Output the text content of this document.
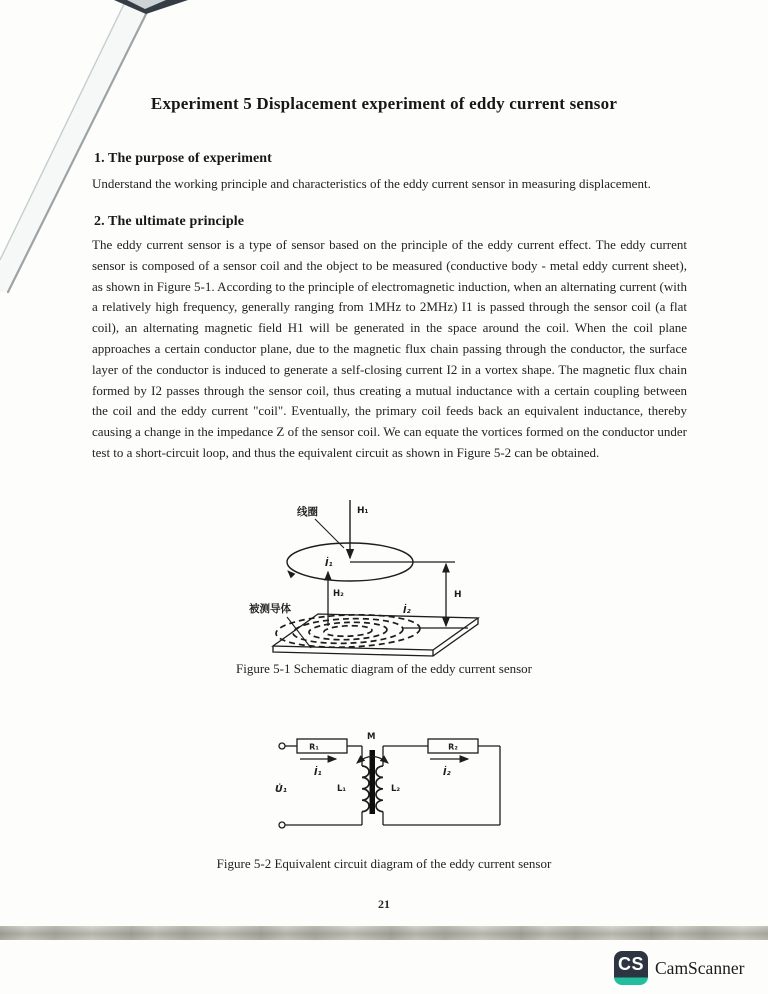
Experiment 5 Displacement experiment of eddy current sensor
1. The purpose of experiment
Understand the working principle and characteristics of the eddy current sensor in measuring displacement.
2. The ultimate principle
The eddy current sensor is a type of sensor based on the principle of the eddy current effect. The eddy current sensor is composed of a sensor coil and the object to be measured (conductive body - metal eddy current sheet), as shown in Figure 5-1. According to the principle of electromagnetic induction, when an alternating current (with a relatively high frequency, generally ranging from 1MHz to 2MHz) I1 is passed through the sensor coil (a flat coil), an alternating magnetic field H1 will be generated in the space around the coil. When the coil plane approaches a certain conductor plane, due to the magnetic flux chain passing through the conductor, the surface layer of the conductor is induced to generate a self-closing current I2 in a vortex shape. The magnetic flux chain formed by I2 passes through the sensor coil, thus creating a mutual inductance with a certain coupling between the coil and the eddy current "coil". Eventually, the primary coil feeds back an equivalent inductance, thereby causing a change in the impedance Z of the sensor coil. We can equate the vortices formed on the conductor under test to a short-circuit loop, and thus the equivalent circuit as shown in Figure 5-2 can be obtained.
H₁
线圈
İ₁
H
H₂
İ₂
被测导体
Figure 5-1 Schematic diagram of the eddy current sensor
R₁	R₂
İ₁	İ₂
U̇₁	L₁	L₂
M
Figure 5-2 Equivalent circuit diagram of the eddy current sensor
21
CS CamScanner
